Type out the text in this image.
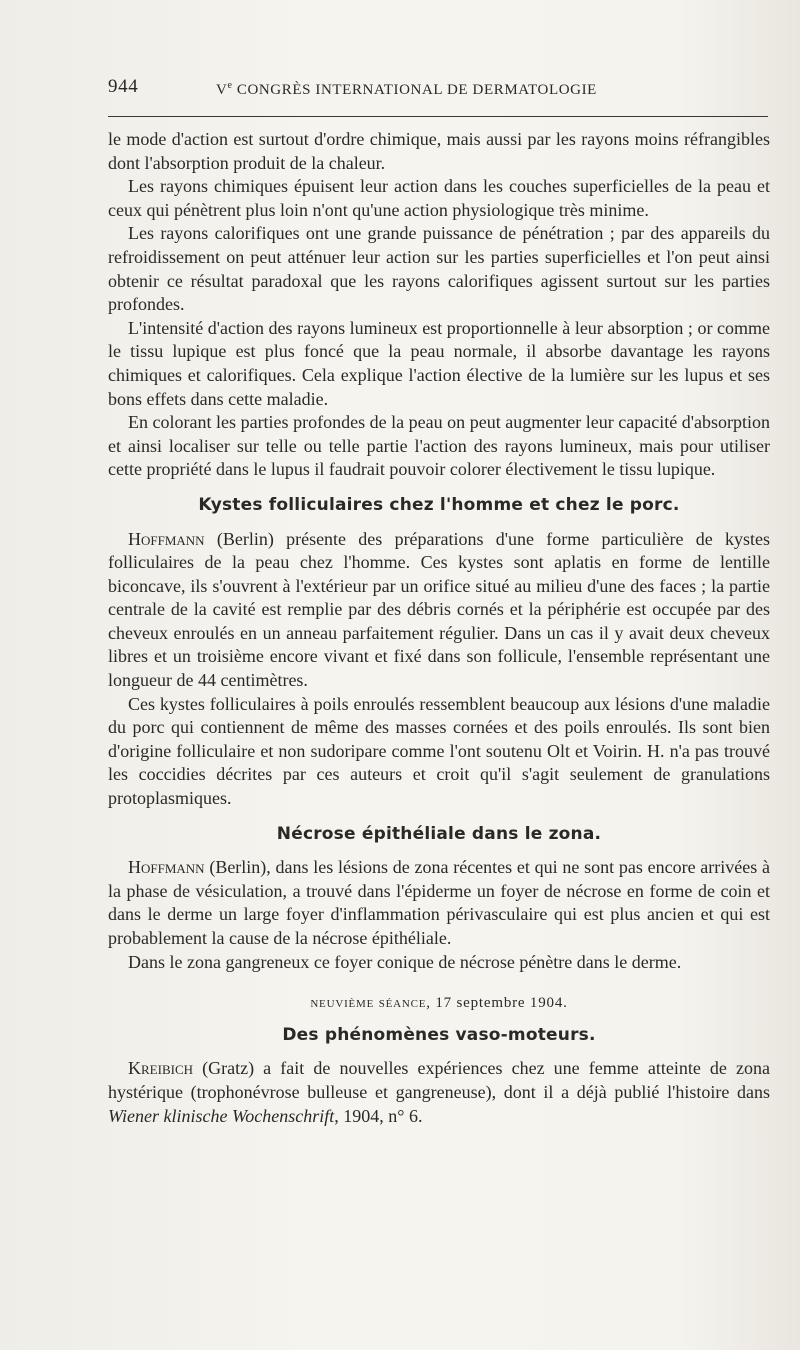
944	Ve CONGRÈS INTERNATIONAL DE DERMATOLOGIE

le mode d'action est surtout d'ordre chimique, mais aussi par les rayons moins réfrangibles dont l'absorption produit de la chaleur.

Les rayons chimiques épuisent leur action dans les couches superficielles de la peau et ceux qui pénètrent plus loin n'ont qu'une action physiologique très minime.

Les rayons calorifiques ont une grande puissance de pénétration ; par des appareils du refroidissement on peut atténuer leur action sur les parties superficielles et l'on peut ainsi obtenir ce résultat paradoxal que les rayons calorifiques agissent surtout sur les parties profondes.

L'intensité d'action des rayons lumineux est proportionnelle à leur absorption ; or comme le tissu lupique est plus foncé que la peau normale, il absorbe davantage les rayons chimiques et calorifiques. Cela explique l'action élective de la lumière sur les lupus et ses bons effets dans cette maladie.

En colorant les parties profondes de la peau on peut augmenter leur capacité d'absorption et ainsi localiser sur telle ou telle partie l'action des rayons lumineux, mais pour utiliser cette propriété dans le lupus il faudrait pouvoir colorer électivement le tissu lupique.

Kystes folliculaires chez l'homme et chez le porc.

Hoffmann (Berlin) présente des préparations d'une forme particulière de kystes folliculaires de la peau chez l'homme. Ces kystes sont aplatis en forme de lentille biconcave, ils s'ouvrent à l'extérieur par un orifice situé au milieu d'une des faces ; la partie centrale de la cavité est remplie par des débris cornés et la périphérie est occupée par des cheveux enroulés en un anneau parfaitement régulier. Dans un cas il y avait deux cheveux libres et un troisième encore vivant et fixé dans son follicule, l'ensemble représentant une longueur de 44 centimètres.

Ces kystes folliculaires à poils enroulés ressemblent beaucoup aux lésions d'une maladie du porc qui contiennent de même des masses cornées et des poils enroulés. Ils sont bien d'origine folliculaire et non sudoripare comme l'ont soutenu Olt et Voirin. H. n'a pas trouvé les coccidies décrites par ces auteurs et croit qu'il s'agit seulement de granulations protoplasmiques.

Nécrose épithéliale dans le zona.

Hoffmann (Berlin), dans les lésions de zona récentes et qui ne sont pas encore arrivées à la phase de vésiculation, a trouvé dans l'épiderme un foyer de nécrose en forme de coin et dans le derme un large foyer d'inflammation périvasculaire qui est plus ancien et qui est probablement la cause de la nécrose épithéliale.

Dans le zona gangreneux ce foyer conique de nécrose pénètre dans le derme.

neuvième séance, 17 septembre 1904.
Des phénomènes vaso-moteurs.

Kreibich (Gratz) a fait de nouvelles expériences chez une femme atteinte de zona hystérique (trophonévrose bulleuse et gangreneuse), dont il a déjà publié l'histoire dans Wiener klinische Wochenschrift, 1904, n° 6.
